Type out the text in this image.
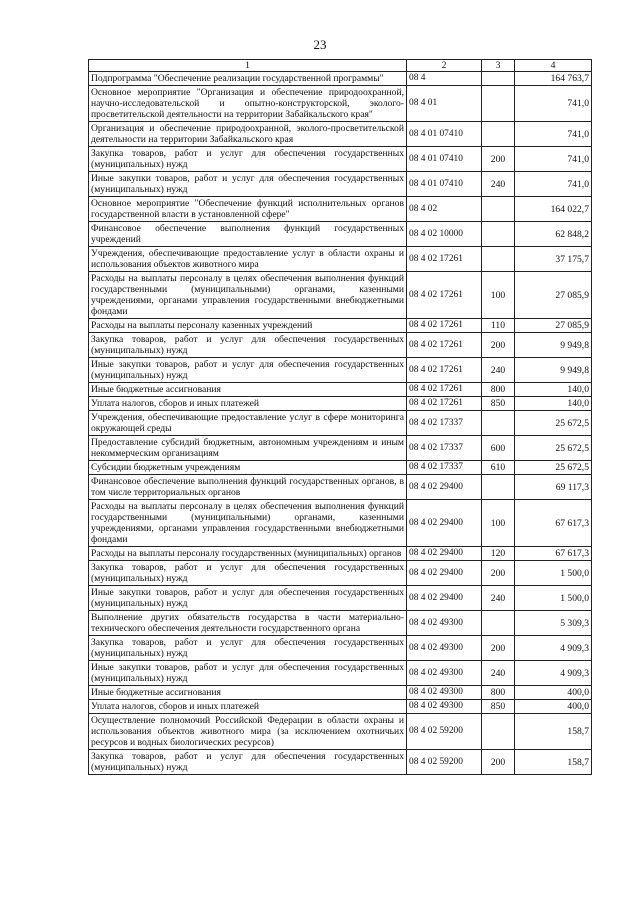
23
1	2	3	4
Подпрограмма "Обеспечение реализации государственной программы"	08 4		164 763,7
Основное мероприятие "Организация и обеспечение природоохранной, научно-исследовательской и опытно-конструкторской, эколого-просветительской деятельности на территории Забайкальского края"	08 4 01		741,0
Организация и обеспечение природоохранной, эколого-просветительской деятельности на территории Забайкальского края	08 4 01 07410		741,0
Закупка товаров, работ и услуг для обеспечения государственных (муниципальных) нужд	08 4 01 07410	200	741,0
Иные закупки товаров, работ и услуг для обеспечения государственных (муниципальных) нужд	08 4 01 07410	240	741,0
Основное мероприятие "Обеспечение функций исполнительных органов государственной власти в установленной сфере"	08 4 02		164 022,7
Финансовое обеспечение выполнения функций государственных учреждений	08 4 02 10000		62 848,2
Учреждения, обеспечивающие предоставление услуг в области охраны и использования объектов животного мира	08 4 02 17261		37 175,7
Расходы на выплаты персоналу в целях обеспечения выполнения функций государственными (муниципальными) органами, казенными учреждениями, органами управления государственными внебюджетными фондами	08 4 02 17261	100	27 085,9
Расходы на выплаты персоналу казенных учреждений	08 4 02 17261	110	27 085,9
Закупка товаров, работ и услуг для обеспечения государственных (муниципальных) нужд	08 4 02 17261	200	9 949,8
Иные закупки товаров, работ и услуг для обеспечения государственных (муниципальных) нужд	08 4 02 17261	240	9 949,8
Иные бюджетные ассигнования	08 4 02 17261	800	140,0
Уплата налогов, сборов и иных платежей	08 4 02 17261	850	140,0
Учреждения, обеспечивающие предоставление услуг в сфере мониторинга окружающей среды	08 4 02 17337		25 672,5
Предоставление субсидий бюджетным, автономным учреждениям и иным некоммерческим организациям	08 4 02 17337	600	25 672,5
Субсидии бюджетным учреждениям	08 4 02 17337	610	25 672,5
Финансовое обеспечение выполнения функций государственных органов, в том числе территориальных органов	08 4 02 29400		69 117,3
Расходы на выплаты персоналу в целях обеспечения выполнения функций государственными (муниципальными) органами, казенными учреждениями, органами управления государственными внебюджетными фондами	08 4 02 29400	100	67 617,3
Расходы на выплаты персоналу государственных (муниципальных) органов	08 4 02 29400	120	67 617,3
Закупка товаров, работ и услуг для обеспечения государственных (муниципальных) нужд	08 4 02 29400	200	1 500,0
Иные закупки товаров, работ и услуг для обеспечения государственных (муниципальных) нужд	08 4 02 29400	240	1 500,0
Выполнение других обязательств государства в части материально-технического обеспечения деятельности государственного органа	08 4 02 49300		5 309,3
Закупка товаров, работ и услуг для обеспечения государственных (муниципальных) нужд	08 4 02 49300	200	4 909,3
Иные закупки товаров, работ и услуг для обеспечения государственных (муниципальных) нужд	08 4 02 49300	240	4 909,3
Иные бюджетные ассигнования	08 4 02 49300	800	400,0
Уплата налогов, сборов и иных платежей	08 4 02 49300	850	400,0
Осуществление полномочий Российской Федерации в области охраны и использования объектов животного мира (за исключением охотничьих ресурсов и водных биологических ресурсов)	08 4 02 59200		158,7
Закупка товаров, работ и услуг для обеспечения государственных (муниципальных) нужд	08 4 02 59200	200	158,7
